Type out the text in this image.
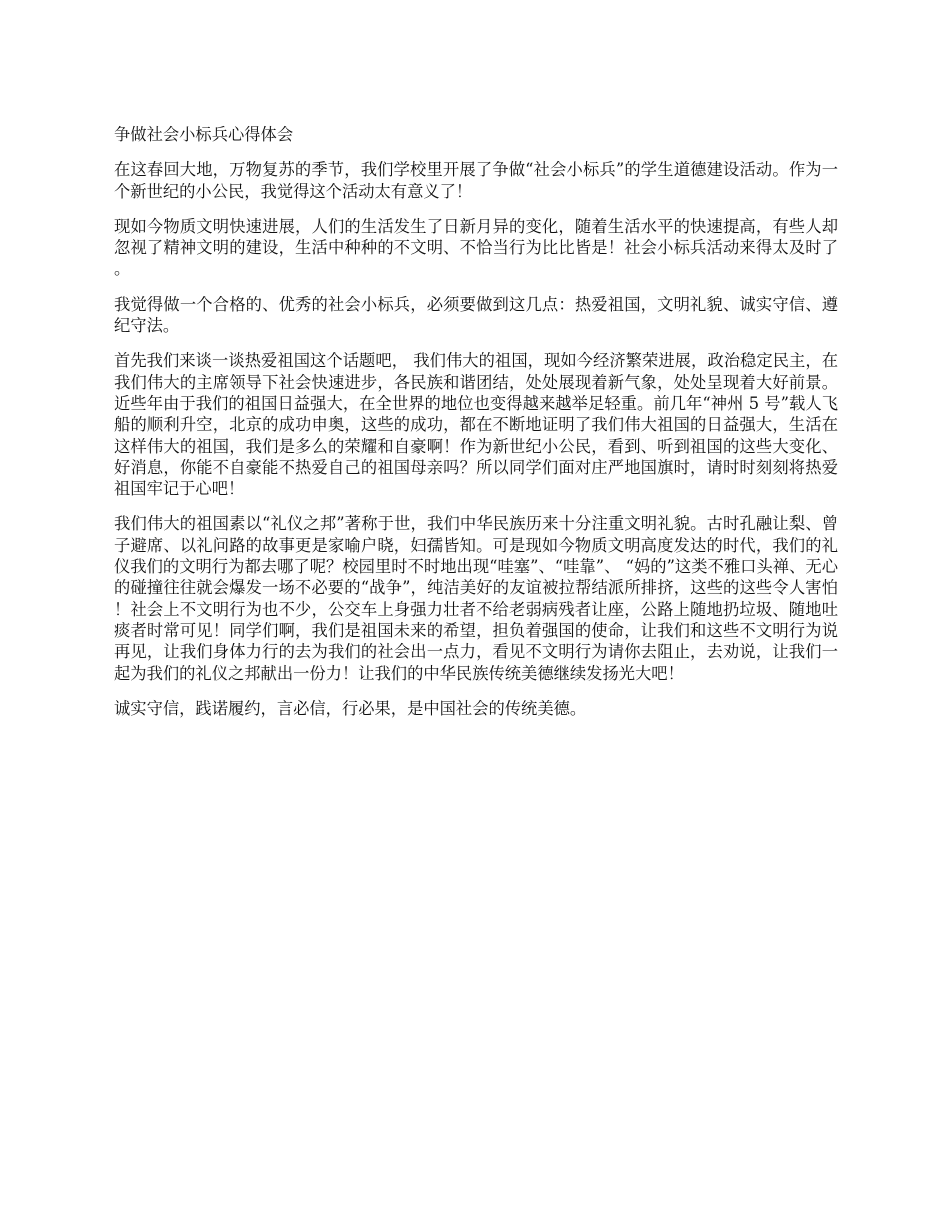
争做社会小标兵心得体会

在这春回大地，万物复苏的季节，我们学校里开展了争做“社会小标兵”的学生道德建设活动。作为一个新世纪的小公民，我觉得这个活动太有意义了！

现如今物质文明快速进展，人们的生活发生了日新月异的变化，随着生活水平的快速提高，有些人却忽视了精神文明的建设，生活中种种的不文明、不恰当行为比比皆是！社会小标兵活动来得太及时了。

我觉得做一个合格的、优秀的社会小标兵，必须要做到这几点：热爱祖国，文明礼貌、诚实守信、遵纪守法。

首先我们来谈一谈热爱祖国这个话题吧， 我们伟大的祖国，现如今经济繁荣进展，政治稳定民主，在我们伟大的主席领导下社会快速进步，各民族和谐团结，处处展现着新气象，处处呈现着大好前景。近些年由于我们的祖国日益强大，在全世界的地位也变得越来越举足轻重。前几年“神州 5 号”载人飞船的顺利升空，北京的成功申奥，这些的成功，都在不断地证明了我们伟大祖国的日益强大，生活在这样伟大的祖国，我们是多么的荣耀和自豪啊！作为新世纪小公民，看到、听到祖国的这些大变化、好消息，你能不自豪能不热爱自己的祖国母亲吗？所以同学们面对庄严地国旗时，请时时刻刻将热爱祖国牢记于心吧！

我们伟大的祖国素以“礼仪之邦”著称于世，我们中华民族历来十分注重文明礼貌。古时孔融让梨、曾子避席、以礼问路的故事更是家喻户晓，妇孺皆知。可是现如今物质文明高度发达的时代，我们的礼仪我们的文明行为都去哪了呢？校园里时不时地出现“哇塞”、“哇靠”、 “妈的”这类不雅口头禅、无心的碰撞往往就会爆发一场不必要的“战争”，纯洁美好的友谊被拉帮结派所排挤，这些的这些令人害怕！社会上不文明行为也不少，公交车上身强力壮者不给老弱病残者让座，公路上随地扔垃圾、随地吐痰者时常可见！同学们啊，我们是祖国未来的希望，担负着强国的使命，让我们和这些不文明行为说再见，让我们身体力行的去为我们的社会出一点力，看见不文明行为请你去阻止，去劝说，让我们一起为我们的礼仪之邦献出一份力！让我们的中华民族传统美德继续发扬光大吧！

诚实守信，践诺履约，言必信，行必果，是中国社会的传统美德。
